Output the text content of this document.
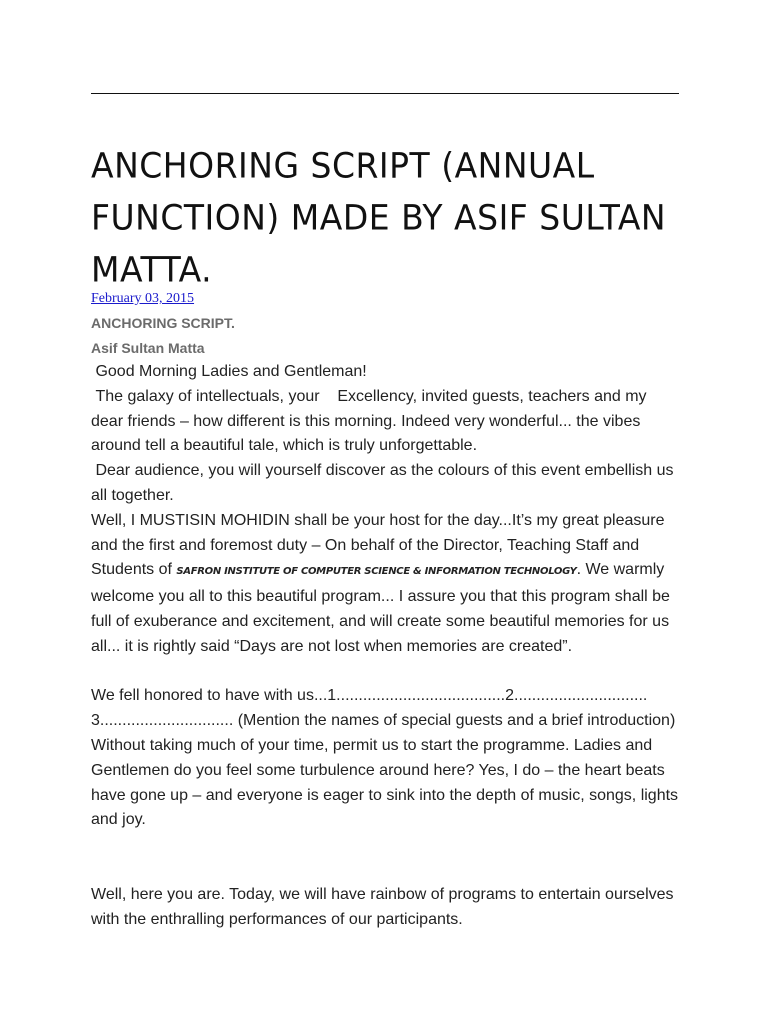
ANCHORING SCRIPT (ANNUAL FUNCTION) MADE BY ASIF SULTAN MATTA.
February 03, 2015
ANCHORING SCRIPT.
Asif Sultan Matta

Good Morning Ladies and Gentleman!

The galaxy of intellectuals, your    Excellency, invited guests, teachers and my dear friends – how different is this morning. Indeed very wonderful... the vibes around tell a beautiful tale, which is truly unforgettable.

Dear audience, you will yourself discover as the colours of this event embellish us all together.

Well, I MUSTISIN MOHIDIN shall be your host for the day...It’s my great pleasure and the first and foremost duty – On behalf of the Director, Teaching Staff and Students of SAFRON INSTITUTE OF COMPUTER SCIENCE & INFORMATION TECHNOLOGY. We warmly welcome you all to this beautiful program... I assure you that this program shall be full of exuberance and excitement, and will create some beautiful memories for us all... it is rightly said “Days are not lost when memories are created”.

We fell honored to have with us...1......................................2..............................

3.............................. (Mention the names of special guests and a brief introduction)

Without taking much of your time, permit us to start the programme. Ladies and Gentlemen do you feel some turbulence around here? Yes, I do – the heart beats have gone up – and everyone is eager to sink into the depth of music, songs, lights and joy.

Well, here you are. Today, we will have rainbow of programs to entertain ourselves with the enthralling performances of our participants.
